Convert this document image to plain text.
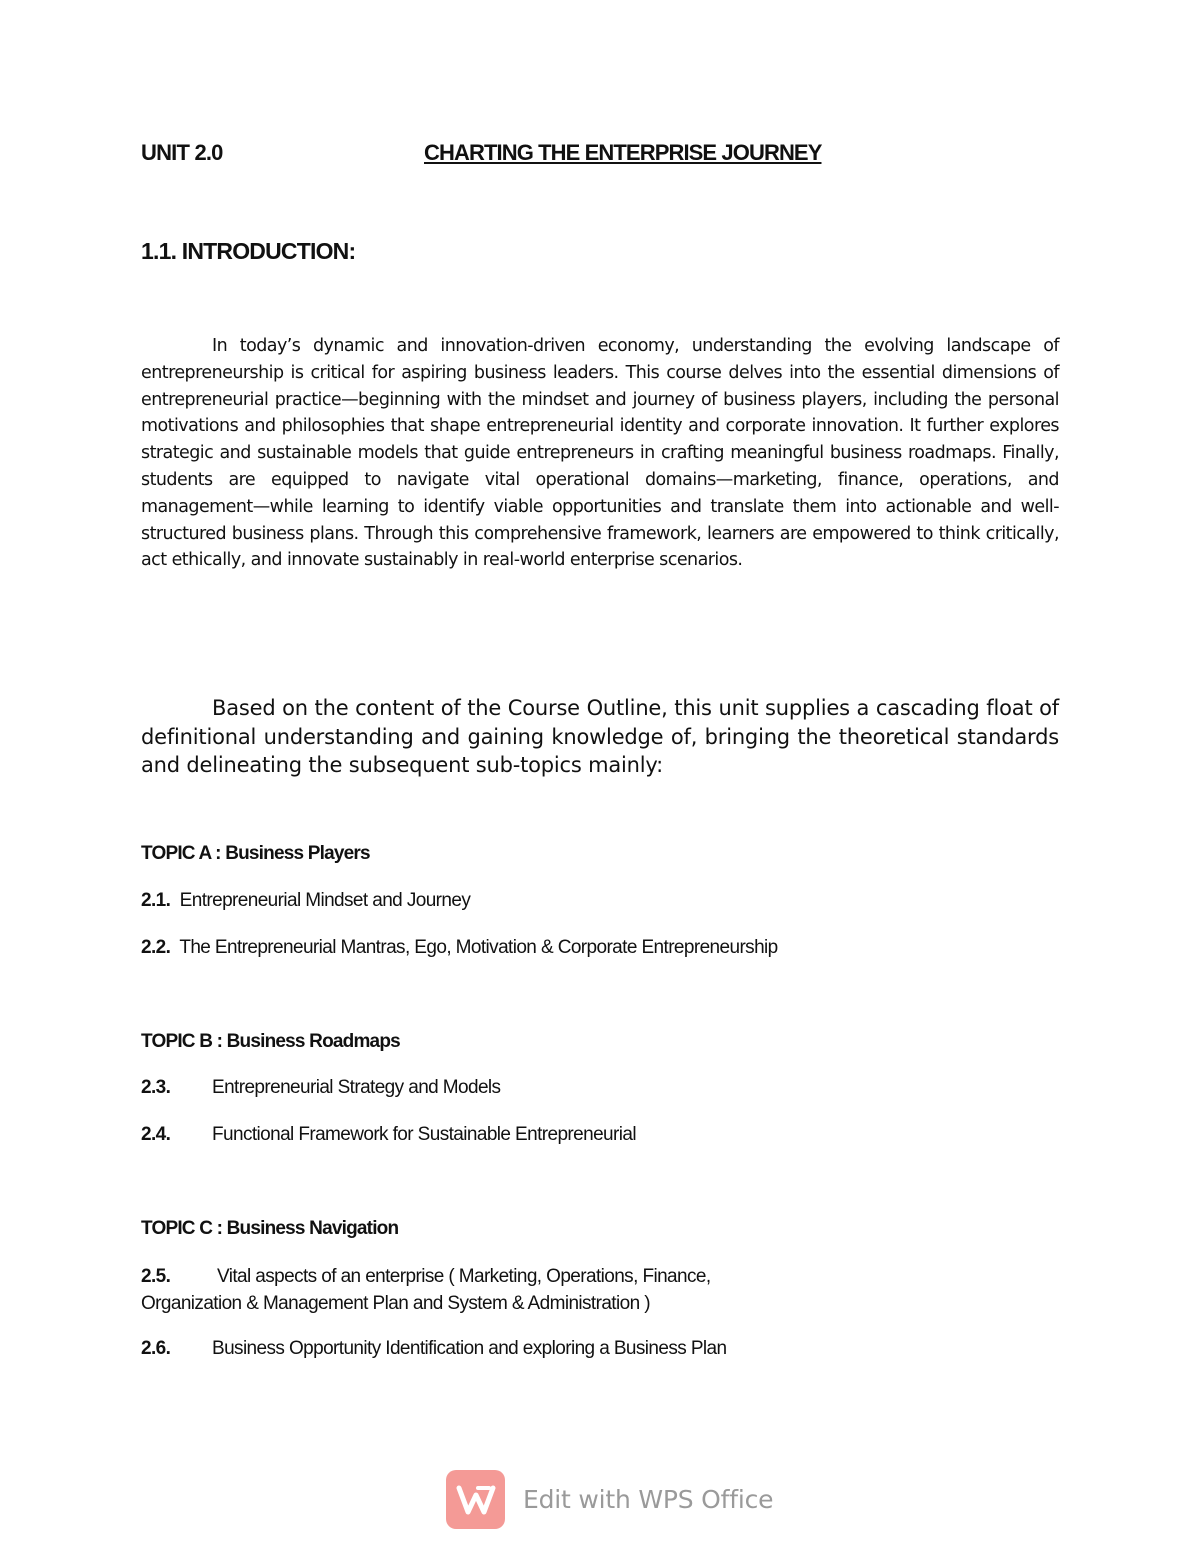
UNIT 2.0	CHARTING THE ENTERPRISE JOURNEY
1.1. INTRODUCTION:
In today’s dynamic and innovation-driven economy, understanding the evolving landscape of entrepreneurship is critical for aspiring business leaders. This course delves into the essential dimensions of entrepreneurial practice—beginning with the mindset and journey of business players, including the personal motivations and philosophies that shape entrepreneurial identity and corporate innovation. It further explores strategic and sustainable models that guide entrepreneurs in crafting meaningful business roadmaps. Finally, students are equipped to navigate vital operational domains—marketing, finance, operations, and management—while learning to identify viable opportunities and translate them into actionable and well-structured business plans. Through this comprehensive framework, learners are empowered to think critically, act ethically, and innovate sustainably in real-world enterprise scenarios.
Based on the content of the Course Outline, this unit supplies a cascading float of definitional understanding and gaining knowledge of, bringing the theoretical standards and delineating the subsequent sub-topics mainly:
TOPIC A : Business Players
2.1. Entrepreneurial Mindset and Journey
2.2. The Entrepreneurial Mantras, Ego, Motivation & Corporate Entrepreneurship
TOPIC B : Business Roadmaps
2.3. Entrepreneurial Strategy and Models
2.4. Functional Framework for Sustainable Entrepreneurial
TOPIC C : Business Navigation
2.5. Vital aspects of an enterprise ( Marketing, Operations, Finance,
Organization & Management Plan and System & Administration )
2.6. Business Opportunity Identification and exploring a Business Plan
Edit with WPS Office
